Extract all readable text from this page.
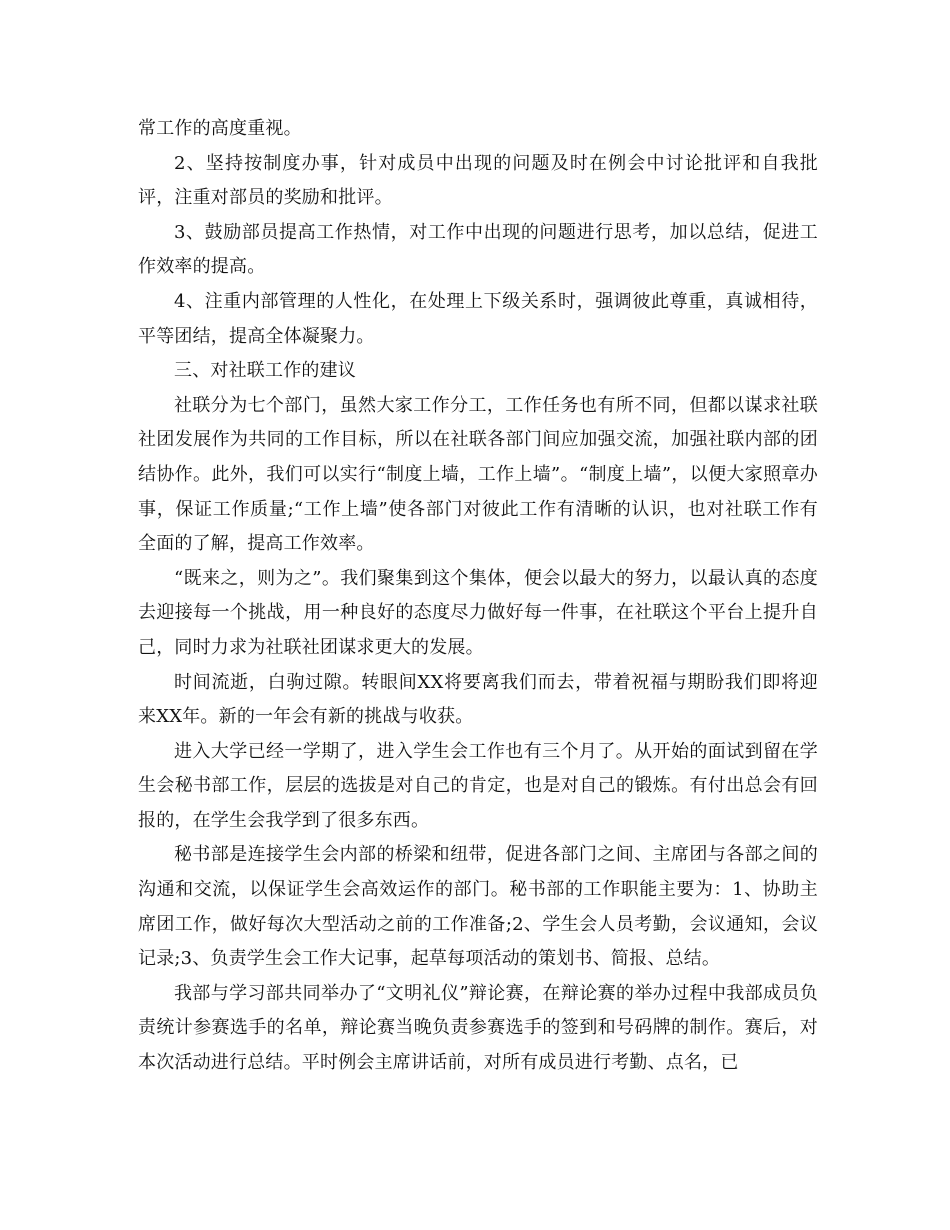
常工作的高度重视。

2、坚持按制度办事，针对成员中出现的问题及时在例会中讨论批评和自我批评，注重对部员的奖励和批评。

3、鼓励部员提高工作热情，对工作中出现的问题进行思考，加以总结，促进工作效率的提高。

4、注重内部管理的人性化，在处理上下级关系时，强调彼此尊重，真诚相待，平等团结，提高全体凝聚力。

三、对社联工作的建议

社联分为七个部门，虽然大家工作分工，工作任务也有所不同，但都以谋求社联社团发展作为共同的工作目标，所以在社联各部门间应加强交流，加强社联内部的团结协作。此外，我们可以实行“制度上墙，工作上墙”。“制度上墙”，以便大家照章办事，保证工作质量;“工作上墙”使各部门对彼此工作有清晰的认识，也对社联工作有全面的了解，提高工作效率。

“既来之，则为之”。我们聚集到这个集体，便会以最大的努力，以最认真的态度去迎接每一个挑战，用一种良好的态度尽力做好每一件事，在社联这个平台上提升自己，同时力求为社联社团谋求更大的发展。

时间流逝，白驹过隙。转眼间XX将要离我们而去，带着祝福与期盼我们即将迎来XX年。新的一年会有新的挑战与收获。

进入大学已经一学期了，进入学生会工作也有三个月了。从开始的面试到留在学生会秘书部工作，层层的选拔是对自己的肯定，也是对自己的锻炼。有付出总会有回报的，在学生会我学到了很多东西。

秘书部是连接学生会内部的桥梁和纽带，促进各部门之间、主席团与各部之间的沟通和交流，以保证学生会高效运作的部门。秘书部的工作职能主要为：1、协助主席团工作，做好每次大型活动之前的工作准备;2、学生会人员考勤，会议通知，会议记录;3、负责学生会工作大记事，起草每项活动的策划书、简报、总结。

我部与学习部共同举办了“文明礼仪”辩论赛，在辩论赛的举办过程中我部成员负责统计参赛选手的名单，辩论赛当晚负责参赛选手的签到和号码牌的制作。赛后，对本次活动进行总结。平时例会主席讲话前，对所有成员进行考勤、点名，已
